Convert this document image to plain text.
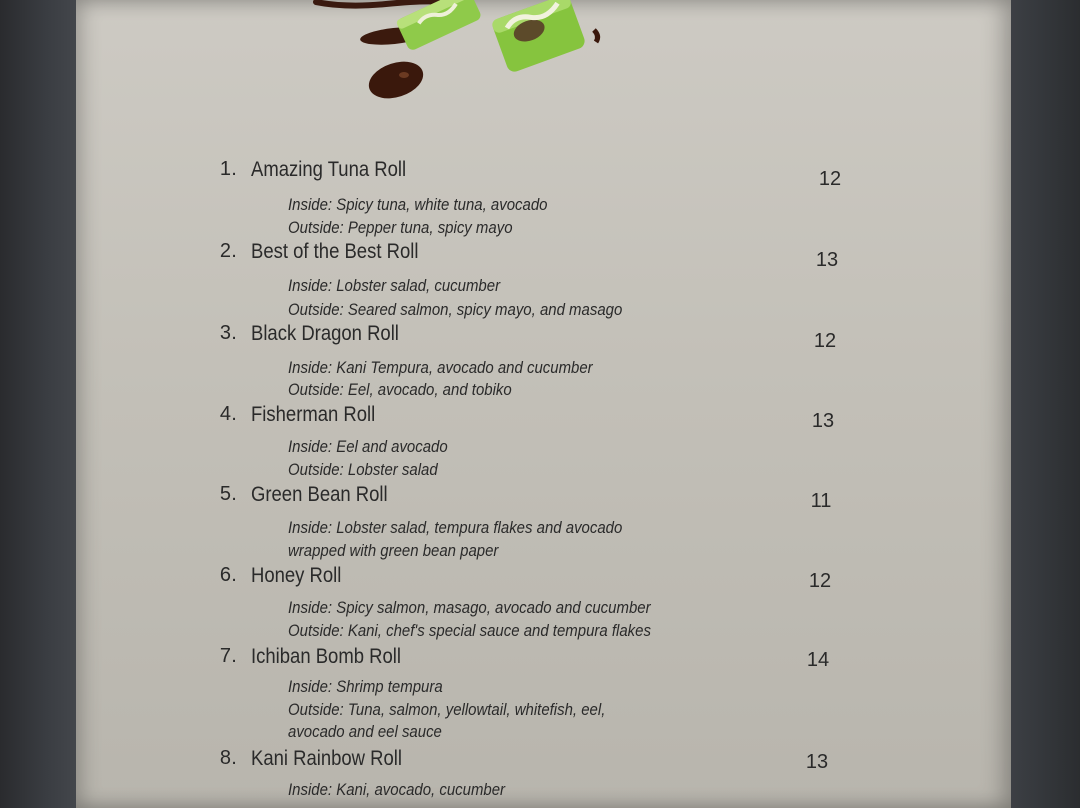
1. Amazing Tuna Roll	12
Inside: Spicy tuna, white tuna, avocado
Outside: Pepper tuna, spicy mayo
2. Best of the Best Roll	13
Inside: Lobster salad, cucumber
Outside: Seared salmon, spicy mayo, and masago
3. Black Dragon Roll	12
Inside: Kani Tempura, avocado and cucumber
Outside: Eel, avocado, and tobiko
4. Fisherman Roll	13
Inside: Eel and avocado
Outside: Lobster salad
5. Green Bean Roll	11
Inside: Lobster salad, tempura flakes and avocado
wrapped with green bean paper
6. Honey Roll	12
Inside: Spicy salmon, masago, avocado and cucumber
Outside: Kani, chef's special sauce and tempura flakes
7. Ichiban Bomb Roll	14
Inside: Shrimp tempura
Outside: Tuna, salmon, yellowtail, whitefish, eel,
avocado and eel sauce
8. Kani Rainbow Roll	13
Inside: Kani, avocado, cucumber
